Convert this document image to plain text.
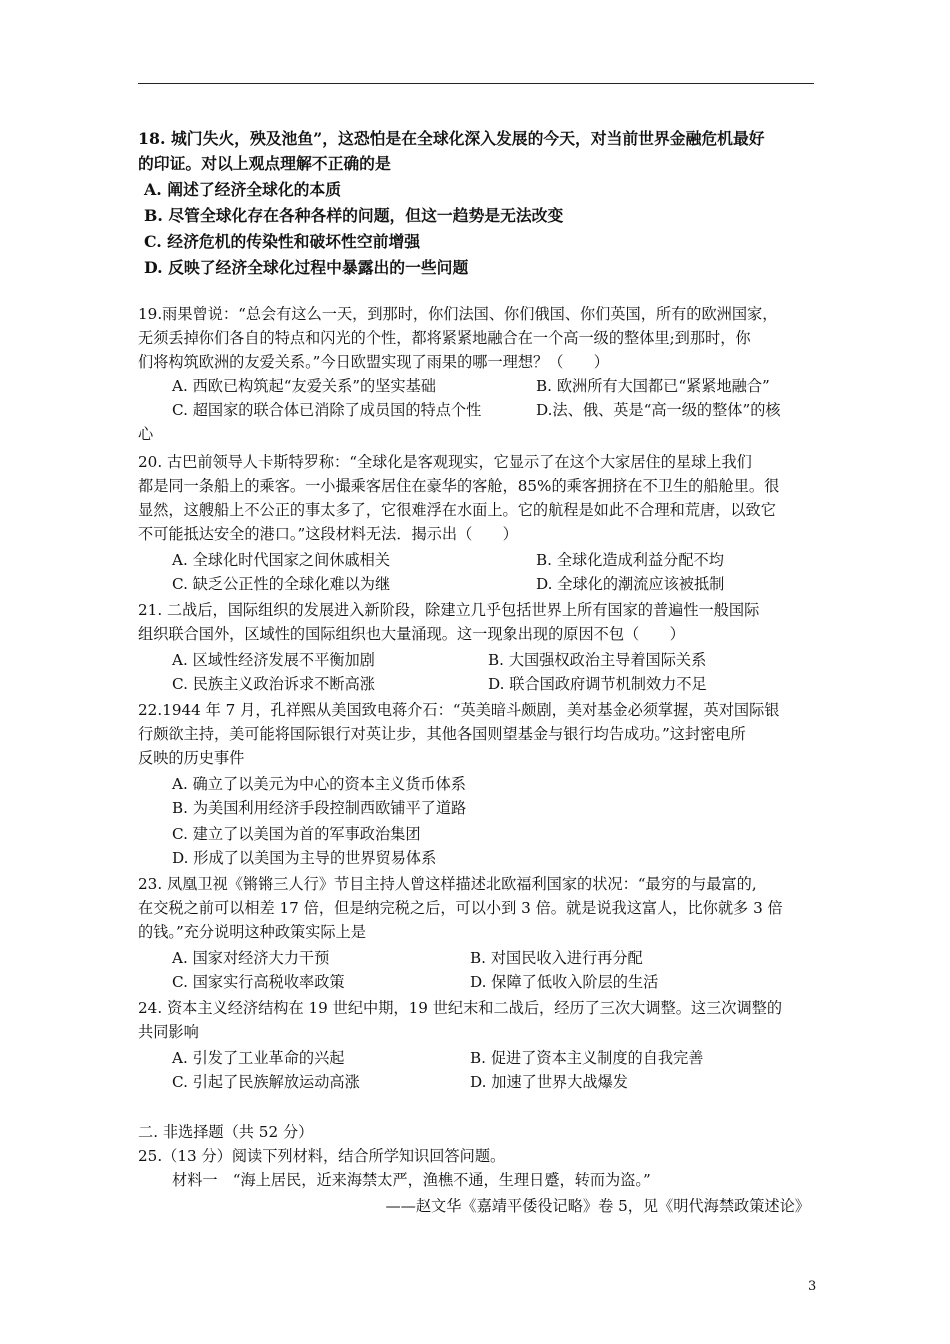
18. 城门失火，殃及池鱼”，这恐怕是在全球化深入发展的今天，对当前世界金融危机最好
的印证。对以上观点理解不正确的是
A. 阐述了经济全球化的本质
B. 尽管全球化存在各种各样的问题，但这一趋势是无法改变
C. 经济危机的传染性和破坏性空前增强
D. 反映了经济全球化过程中暴露出的一些问题
19.雨果曾说：“总会有这么一天，到那时，你们法国、你们俄国、你们英国，所有的欧洲国家，
无须丢掉你们各自的特点和闪光的个性，都将紧紧地融合在一个高一级的整体里;到那时，你
们将构筑欧洲的友爱关系。”今日欧盟实现了雨果的哪一理想？（　　）
A. 西欧已构筑起“友爱关系”的坚实基础	B. 欧洲所有大国都已“紧紧地融合”
C. 超国家的联合体已消除了成员国的特点个性	D.法、俄、英是“高一级的整体”的核
心
20. 古巴前领导人卡斯特罗称：“全球化是客观现实，它显示了在这个大家居住的星球上我们
都是同一条船上的乘客。一小撮乘客居住在豪华的客舱，85%的乘客拥挤在不卫生的船舱里。很
显然，这艘船上不公正的事太多了，它很难浮在水面上。它的航程是如此不合理和荒唐，以致它
不可能抵达安全的港口。”这段材料无法．揭示出（　　）
A. 全球化时代国家之间休戚相关	B. 全球化造成利益分配不均
C. 缺乏公正性的全球化难以为继	D. 全球化的潮流应该被抵制
21. 二战后，国际组织的发展进入新阶段，除建立几乎包括世界上所有国家的普遍性一般国际
组织联合国外，区域性的国际组织也大量涌现。这一现象出现的原因不包（　　）
A. 区域性经济发展不平衡加剧	B. 大国强权政治主导着国际关系
C. 民族主义政治诉求不断高涨	D. 联合国政府调节机制效力不足
22.1944 年 7 月，孔祥熙从美国致电蒋介石：“英美暗斗颇剧，美对基金必须掌握，英对国际银
行颇欲主持，美可能将国际银行对英让步，其他各国则望基金与银行均告成功。”这封密电所
反映的历史事件
A. 确立了以美元为中心的资本主义货币体系
B. 为美国利用经济手段控制西欧铺平了道路
C. 建立了以美国为首的军事政治集团
D. 形成了以美国为主导的世界贸易体系
23. 凤凰卫视《锵锵三人行》节目主持人曾这样描述北欧福利国家的状况：“最穷的与最富的,
在交税之前可以相差 17 倍，但是纳完税之后，可以小到 3 倍。就是说我这富人，比你就多 3 倍
的钱。”充分说明这种政策实际上是
A. 国家对经济大力干预	B. 对国民收入进行再分配
C. 国家实行高税收率政策	D. 保障了低收入阶层的生活
24. 资本主义经济结构在 19 世纪中期，19 世纪末和二战后，经历了三次大调整。这三次调整的
共同影响
A. 引发了工业革命的兴起	B. 促进了资本主义制度的自我完善
C. 引起了民族解放运动高涨	D. 加速了世界大战爆发
二. 非选择题（共 52 分）
25.（13 分）阅读下列材料，结合所学知识回答问题。
材料一　“海上居民，近来海禁太严，渔樵不通，生理日蹙，转而为盗。”
——赵文华《嘉靖平倭役记略》卷 5，见《明代海禁政策述论》
3
